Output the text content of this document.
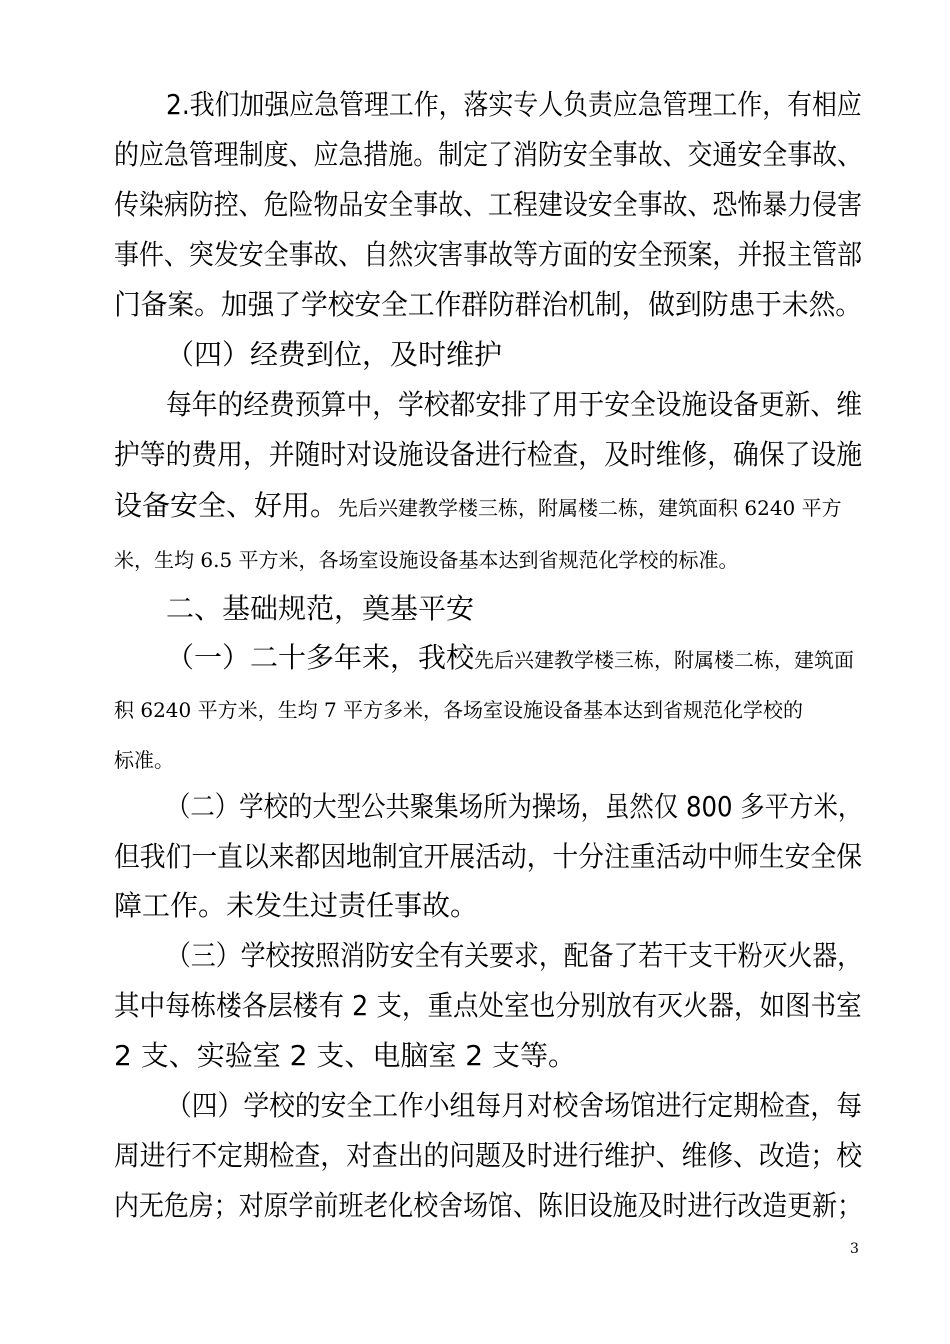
2.我们加强应急管理工作，落实专人负责应急管理工作，有相应
的应急管理制度、应急措施。制定了消防安全事故、交通安全事故、
传染病防控、危险物品安全事故、工程建设安全事故、恐怖暴力侵害
事件、突发安全事故、自然灾害事故等方面的安全预案，并报主管部
门备案。加强了学校安全工作群防群治机制，做到防患于未然。
（四）经费到位，及时维护
每年的经费预算中，学校都安排了用于安全设施设备更新、维
护等的费用，并随时对设施设备进行检查，及时维修，确保了设施
设备安全、好用。先后兴建教学楼三栋，附属楼二栋，建筑面积 6240 平方
米，生均 6.5 平方米，各场室设施设备基本达到省规范化学校的标准。
二、基础规范，奠基平安
（一）二十多年来，我校先后兴建教学楼三栋，附属楼二栋，建筑面
积 6240 平方米，生均 7 平方多米，各场室设施设备基本达到省规范化学校的
标准。
（二）学校的大型公共聚集场所为操场，虽然仅 800 多平方米，
但我们一直以来都因地制宜开展活动，十分注重活动中师生安全保
障工作。未发生过责任事故。
（三）学校按照消防安全有关要求，配备了若干支干粉灭火器，
其中每栋楼各层楼有 2 支，重点处室也分别放有灭火器，如图书室
2 支、实验室 2 支、电脑室 2 支等。
（四）学校的安全工作小组每月对校舍场馆进行定期检查，每
周进行不定期检查，对查出的问题及时进行维护、维修、改造；校
内无危房；对原学前班老化校舍场馆、陈旧设施及时进行改造更新；
3
